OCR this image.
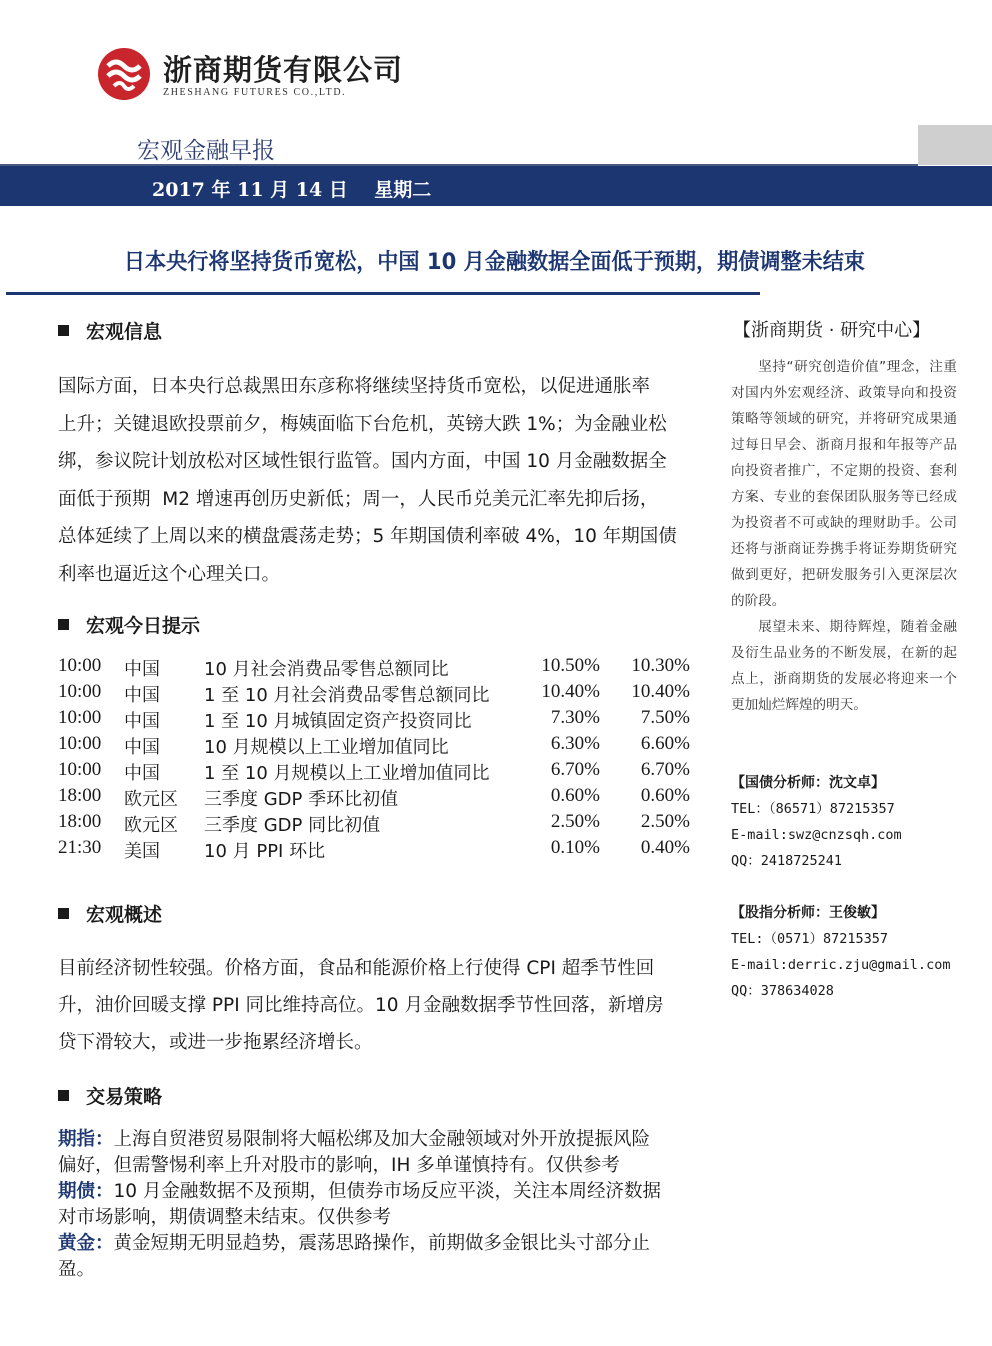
浙商期货有限公司
ZHESHANG FUTURES CO.,LTD.
宏观金融早报
2017 年 11 月 14 日    星期二
日本央行将坚持货币宽松，中国 10 月金融数据全面低于预期，期债调整未结束
宏观信息
国际方面，日本央行总裁黑田东彦称将继续坚持货币宽松，以促进通胀率
上升；关键退欧投票前夕，梅姨面临下台危机，英镑大跌 1%；为金融业松
绑，参议院计划放松对区域性银行监管。国内方面，中国 10 月金融数据全
面低于预期  M2 增速再创历史新低；周一，人民币兑美元汇率先抑后扬，
总体延续了上周以来的横盘震荡走势；5 年期国债利率破 4%，10 年期国债
利率也逼近这个心理关口。
宏观今日提示
10:00 中国 10 月社会消费品零售总额同比	10.50%	10.30%
10:00 中国 1 至 10 月社会消费品零售总额同比	10.40%	10.40%
10:00 中国 1 至 10 月城镇固定资产投资同比	7.30%	7.50%
10:00 中国 10 月规模以上工业增加值同比	6.30%	6.60%
10:00 中国 1 至 10 月规模以上工业增加值同比	6.70%	6.70%
18:00 欧元区 三季度 GDP 季环比初值	0.60%	0.60%
18:00 欧元区 三季度 GDP 同比初值	2.50%	2.50%
21:30 美国 10 月 PPI 环比	0.10%	0.40%
宏观概述
目前经济韧性较强。价格方面，食品和能源价格上行使得 CPI 超季节性回
升，油价回暖支撑 PPI 同比维持高位。10 月金融数据季节性回落，新增房
贷下滑较大，或进一步拖累经济增长。
交易策略

期指：上海自贸港贸易限制将大幅松绑及加大金融领域对外开放提振风险

偏好，但需警惕利率上升对股市的影响，IH 多单谨慎持有。仅供参考

期债：10 月金融数据不及预期，但债券市场反应平淡，关注本周经济数据

对市场影响，期债调整未结束。仅供参考

黄金：黄金短期无明显趋势，震荡思路操作，前期做多金银比头寸部分止

盈。

【浙商期货 · 研究中心】

坚持“研究创造价值”理念，注重对国内外宏观经济、政策导向和投资策略等领域的研究，并将研究成果通过每日早会、浙商月报和年报等产品向投资者推广，不定期的投资、套利方案、专业的套保团队服务等已经成为投资者不可或缺的理财助手。公司还将与浙商证券携手将证券期货研究做到更好，把研发服务引入更深层次的阶段。

展望未来、期待辉煌，随着金融及衍生品业务的不断发展，在新的起点上，浙商期货的发展必将迎来一个更加灿烂辉煌的明天。

【国债分析师：沈文卓】
TEL：（86571）87215357
E-mail:swz@cnzsqh.com
QQ：2418725241
【股指分析师：王俊敏】
TEL:（0571）87215357
E-mail:derric.zju@gmail.com
QQ：378634028
